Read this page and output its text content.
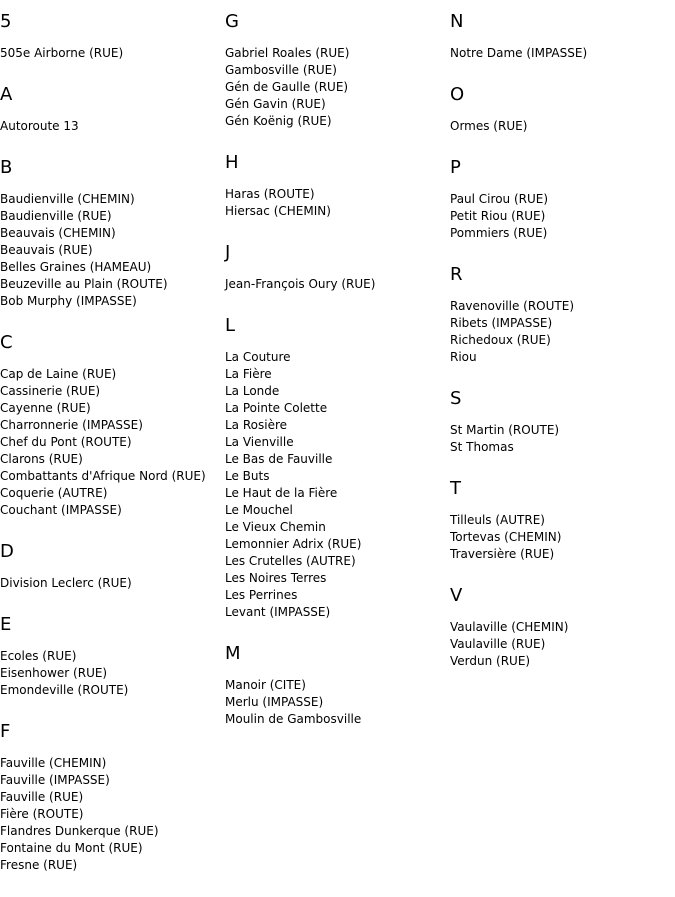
5
505e Airborne (RUE)
A
Autoroute 13
B
Baudienville (CHEMIN)
Baudienville (RUE)
Beauvais (CHEMIN)
Beauvais (RUE)
Belles Graines (HAMEAU)
Beuzeville au Plain (ROUTE)
Bob Murphy (IMPASSE)
C
Cap de Laine (RUE)
Cassinerie (RUE)
Cayenne (RUE)
Charronnerie (IMPASSE)
Chef du Pont (ROUTE)
Clarons (RUE)
Combattants d'Afrique Nord (RUE)
Coquerie (AUTRE)
Couchant (IMPASSE)
D
Division Leclerc (RUE)
E
Ecoles (RUE)
Eisenhower (RUE)
Emondeville (ROUTE)
F
Fauville (CHEMIN)
Fauville (IMPASSE)
Fauville (RUE)
Fière (ROUTE)
Flandres Dunkerque (RUE)
Fontaine du Mont (RUE)
Fresne (RUE)
G
Gabriel Roales (RUE)
Gambosville (RUE)
Gén de Gaulle (RUE)
Gén Gavin (RUE)
Gén Koënig (RUE)
H
Haras (ROUTE)
Hiersac (CHEMIN)
J
Jean-François Oury (RUE)
L
La Couture
La Fière
La Londe
La Pointe Colette
La Rosière
La Vienville
Le Bas de Fauville
Le Buts
Le Haut de la Fière
Le Mouchel
Le Vieux Chemin
Lemonnier Adrix (RUE)
Les Crutelles (AUTRE)
Les Noires Terres
Les Perrines
Levant (IMPASSE)
M
Manoir (CITE)
Merlu (IMPASSE)
Moulin de Gambosville
N
Notre Dame (IMPASSE)
O
Ormes (RUE)
P
Paul Cirou (RUE)
Petit Riou (RUE)
Pommiers (RUE)
R
Ravenoville (ROUTE)
Ribets (IMPASSE)
Richedoux (RUE)
Riou
S
St Martin (ROUTE)
St Thomas
T
Tilleuls (AUTRE)
Tortevas (CHEMIN)
Traversière (RUE)
V
Vaulaville (CHEMIN)
Vaulaville (RUE)
Verdun (RUE)
